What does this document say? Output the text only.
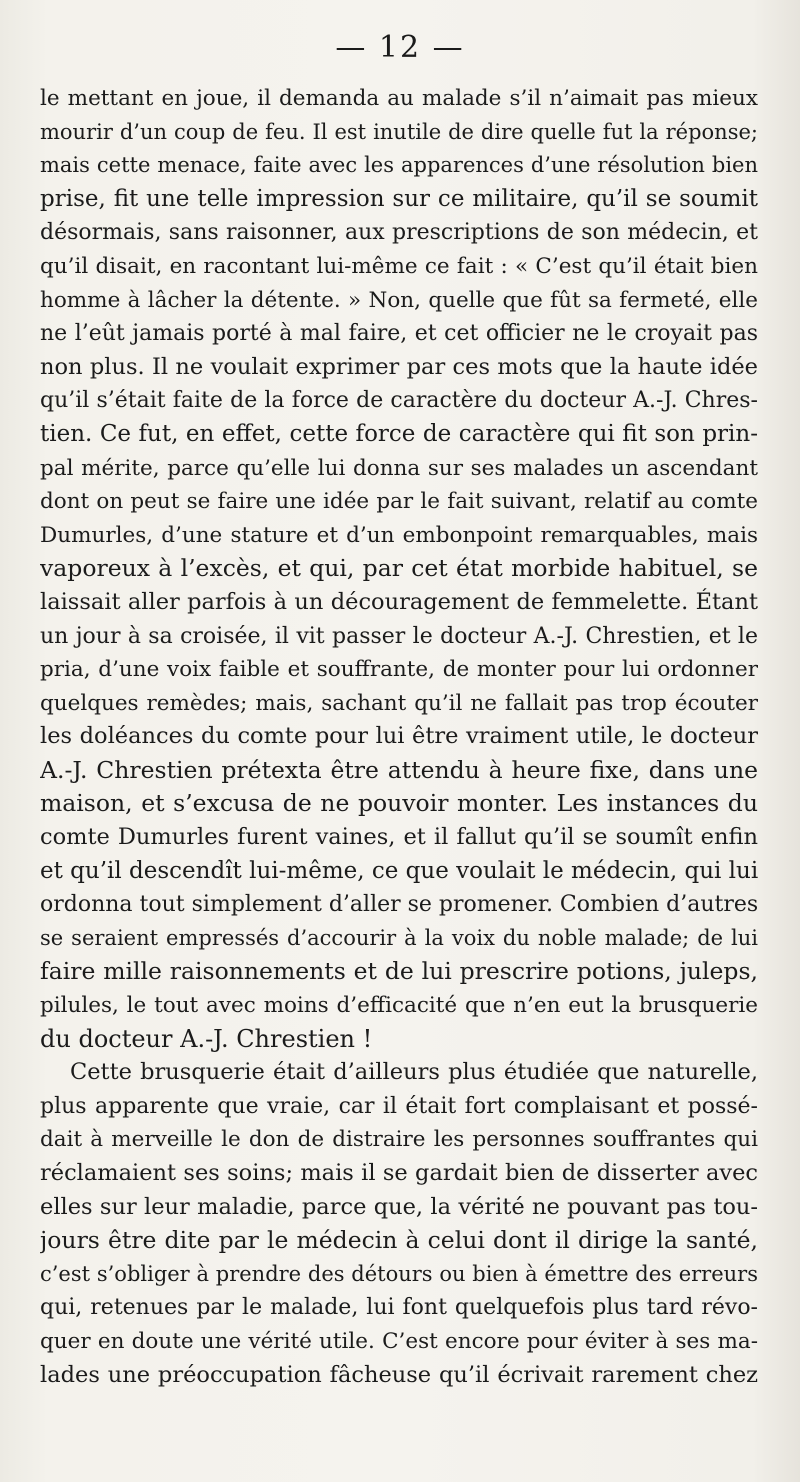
— 12 —
le mettant en joue, il demanda au malade s’il n’aimait pas mieux
mourir d’un coup de feu. Il est inutile de dire quelle fut la réponse;
mais cette menace, faite avec les apparences d’une résolution bien
prise, fit une telle impression sur ce militaire, qu’il se soumit
désormais, sans raisonner, aux prescriptions de son médecin, et
qu’il disait, en racontant lui-même ce fait : « C’est qu’il était bien
homme à lâcher la détente. » Non, quelle que fût sa fermeté, elle
ne l’eût jamais porté à mal faire, et cet officier ne le croyait pas
non plus. Il ne voulait exprimer par ces mots que la haute idée
qu’il s’était faite de la force de caractère du docteur A.-J. Chres-
tien. Ce fut, en effet, cette force de caractère qui fit son prin-
pal mérite, parce qu’elle lui donna sur ses malades un ascendant
dont on peut se faire une idée par le fait suivant, relatif au comte
Dumurles, d’une stature et d’un embonpoint remarquables, mais
vaporeux à l’excès, et qui, par cet état morbide habituel, se
laissait aller parfois à un découragement de femmelette. Étant
un jour à sa croisée, il vit passer le docteur A.-J. Chrestien, et le
pria, d’une voix faible et souffrante, de monter pour lui ordonner
quelques remèdes; mais, sachant qu’il ne fallait pas trop écouter
les doléances du comte pour lui être vraiment utile, le docteur
A.-J. Chrestien prétexta être attendu à heure fixe, dans une
maison, et s’excusa de ne pouvoir monter. Les instances du
comte Dumurles furent vaines, et il fallut qu’il se soumît enfin
et qu’il descendît lui-même, ce que voulait le médecin, qui lui
ordonna tout simplement d’aller se promener. Combien d’autres
se seraient empressés d’accourir à la voix du noble malade; de lui
faire mille raisonnements et de lui prescrire potions, juleps,
pilules, le tout avec moins d’efficacité que n’en eut la brusquerie
du docteur A.-J. Chrestien !
Cette brusquerie était d’ailleurs plus étudiée que naturelle,
plus apparente que vraie, car il était fort complaisant et possé-
dait à merveille le don de distraire les personnes souffrantes qui
réclamaient ses soins; mais il se gardait bien de disserter avec
elles sur leur maladie, parce que, la vérité ne pouvant pas tou-
jours être dite par le médecin à celui dont il dirige la santé,
c’est s’obliger à prendre des détours ou bien à émettre des erreurs
qui, retenues par le malade, lui font quelquefois plus tard révo-
quer en doute une vérité utile. C’est encore pour éviter à ses ma-
lades une préoccupation fâcheuse qu’il écrivait rarement chez
